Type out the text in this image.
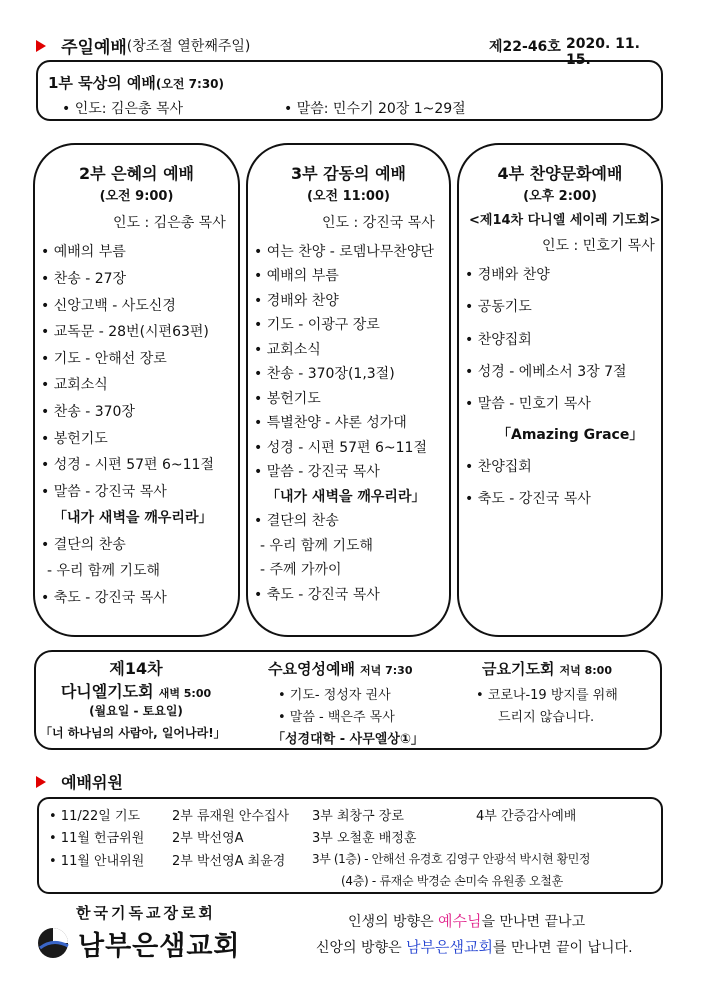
주일예배(창조절 열한째주일)	제22-46호 2020. 11. 15.
1부 묵상의 예배(오전 7:30)
• 인도: 김은총 목사	• 말씀: 민수기 20장 1~29절
2부 은혜의 예배
(오전 9:00)
인도 : 김은총 목사
• 예배의 부름
• 찬송 - 27장
• 신앙고백 - 사도신경
• 교독문 - 28번(시편63편)
• 기도 - 안해선 장로
• 교회소식
• 찬송 - 370장
• 봉헌기도
• 성경 - 시편 57편 6~11절
• 말씀 - 강진국 목사
「내가 새벽을 깨우리라」
• 결단의 찬송
- 우리 함께 기도해
• 축도 - 강진국 목사
3부 감동의 예배
(오전 11:00)
인도 : 강진국 목사
• 여는 찬양 - 로뎀나무찬양단
• 예배의 부름
• 경배와 찬양
• 기도 - 이광구 장로
• 교회소식
• 찬송 - 370장(1,3절)
• 봉헌기도
• 특별찬양 - 샤론 성가대
• 성경 - 시편 57편 6~11절
• 말씀 - 강진국 목사
「내가 새벽을 깨우리라」
• 결단의 찬송
- 우리 함께 기도해
- 주께 가까이
• 축도 - 강진국 목사
4부 찬양문화예배
(오후 2:00)
<제14차 다니엘 세이레 기도회>
인도 : 민호기 목사
• 경배와 찬양
• 공동기도
• 찬양집회
• 성경 - 에베소서 3장 7절
• 말씀 - 민호기 목사
「Amazing Grace」
• 찬양집회
• 축도 - 강진국 목사
제14차
다니엘기도회 새벽 5:00
(월요일 - 토요일)
「너 하나님의 사람아, 일어나라!」
수요영성예배 저녁 7:30
• 기도- 정성자 권사
• 말씀 - 백은주 목사
「성경대학 - 사무엘상①」
금요기도회 저녁 8:00
• 코로나-19 방지를 위해
드리지 않습니다.
예배위원
• 11/22일 기도 2부 류재원 안수집사 3부 최창구 장로	4부 간증감사예배
• 11월 헌금위원 2부 박선영A	3부 오철훈 배정훈
• 11월 안내위원 2부 박선영A 최윤경 3부 (1층) - 안해선 유경호 김영구 안광석 박시현 황민정
(4층) - 류재순 박경순 손미숙 유원종 오철훈
한국기독교장로회
남부은샘교회
인생의 방향은 예수님을 만나면 끝나고
신앙의 방향은 남부은샘교회를 만나면 끝이 납니다.
